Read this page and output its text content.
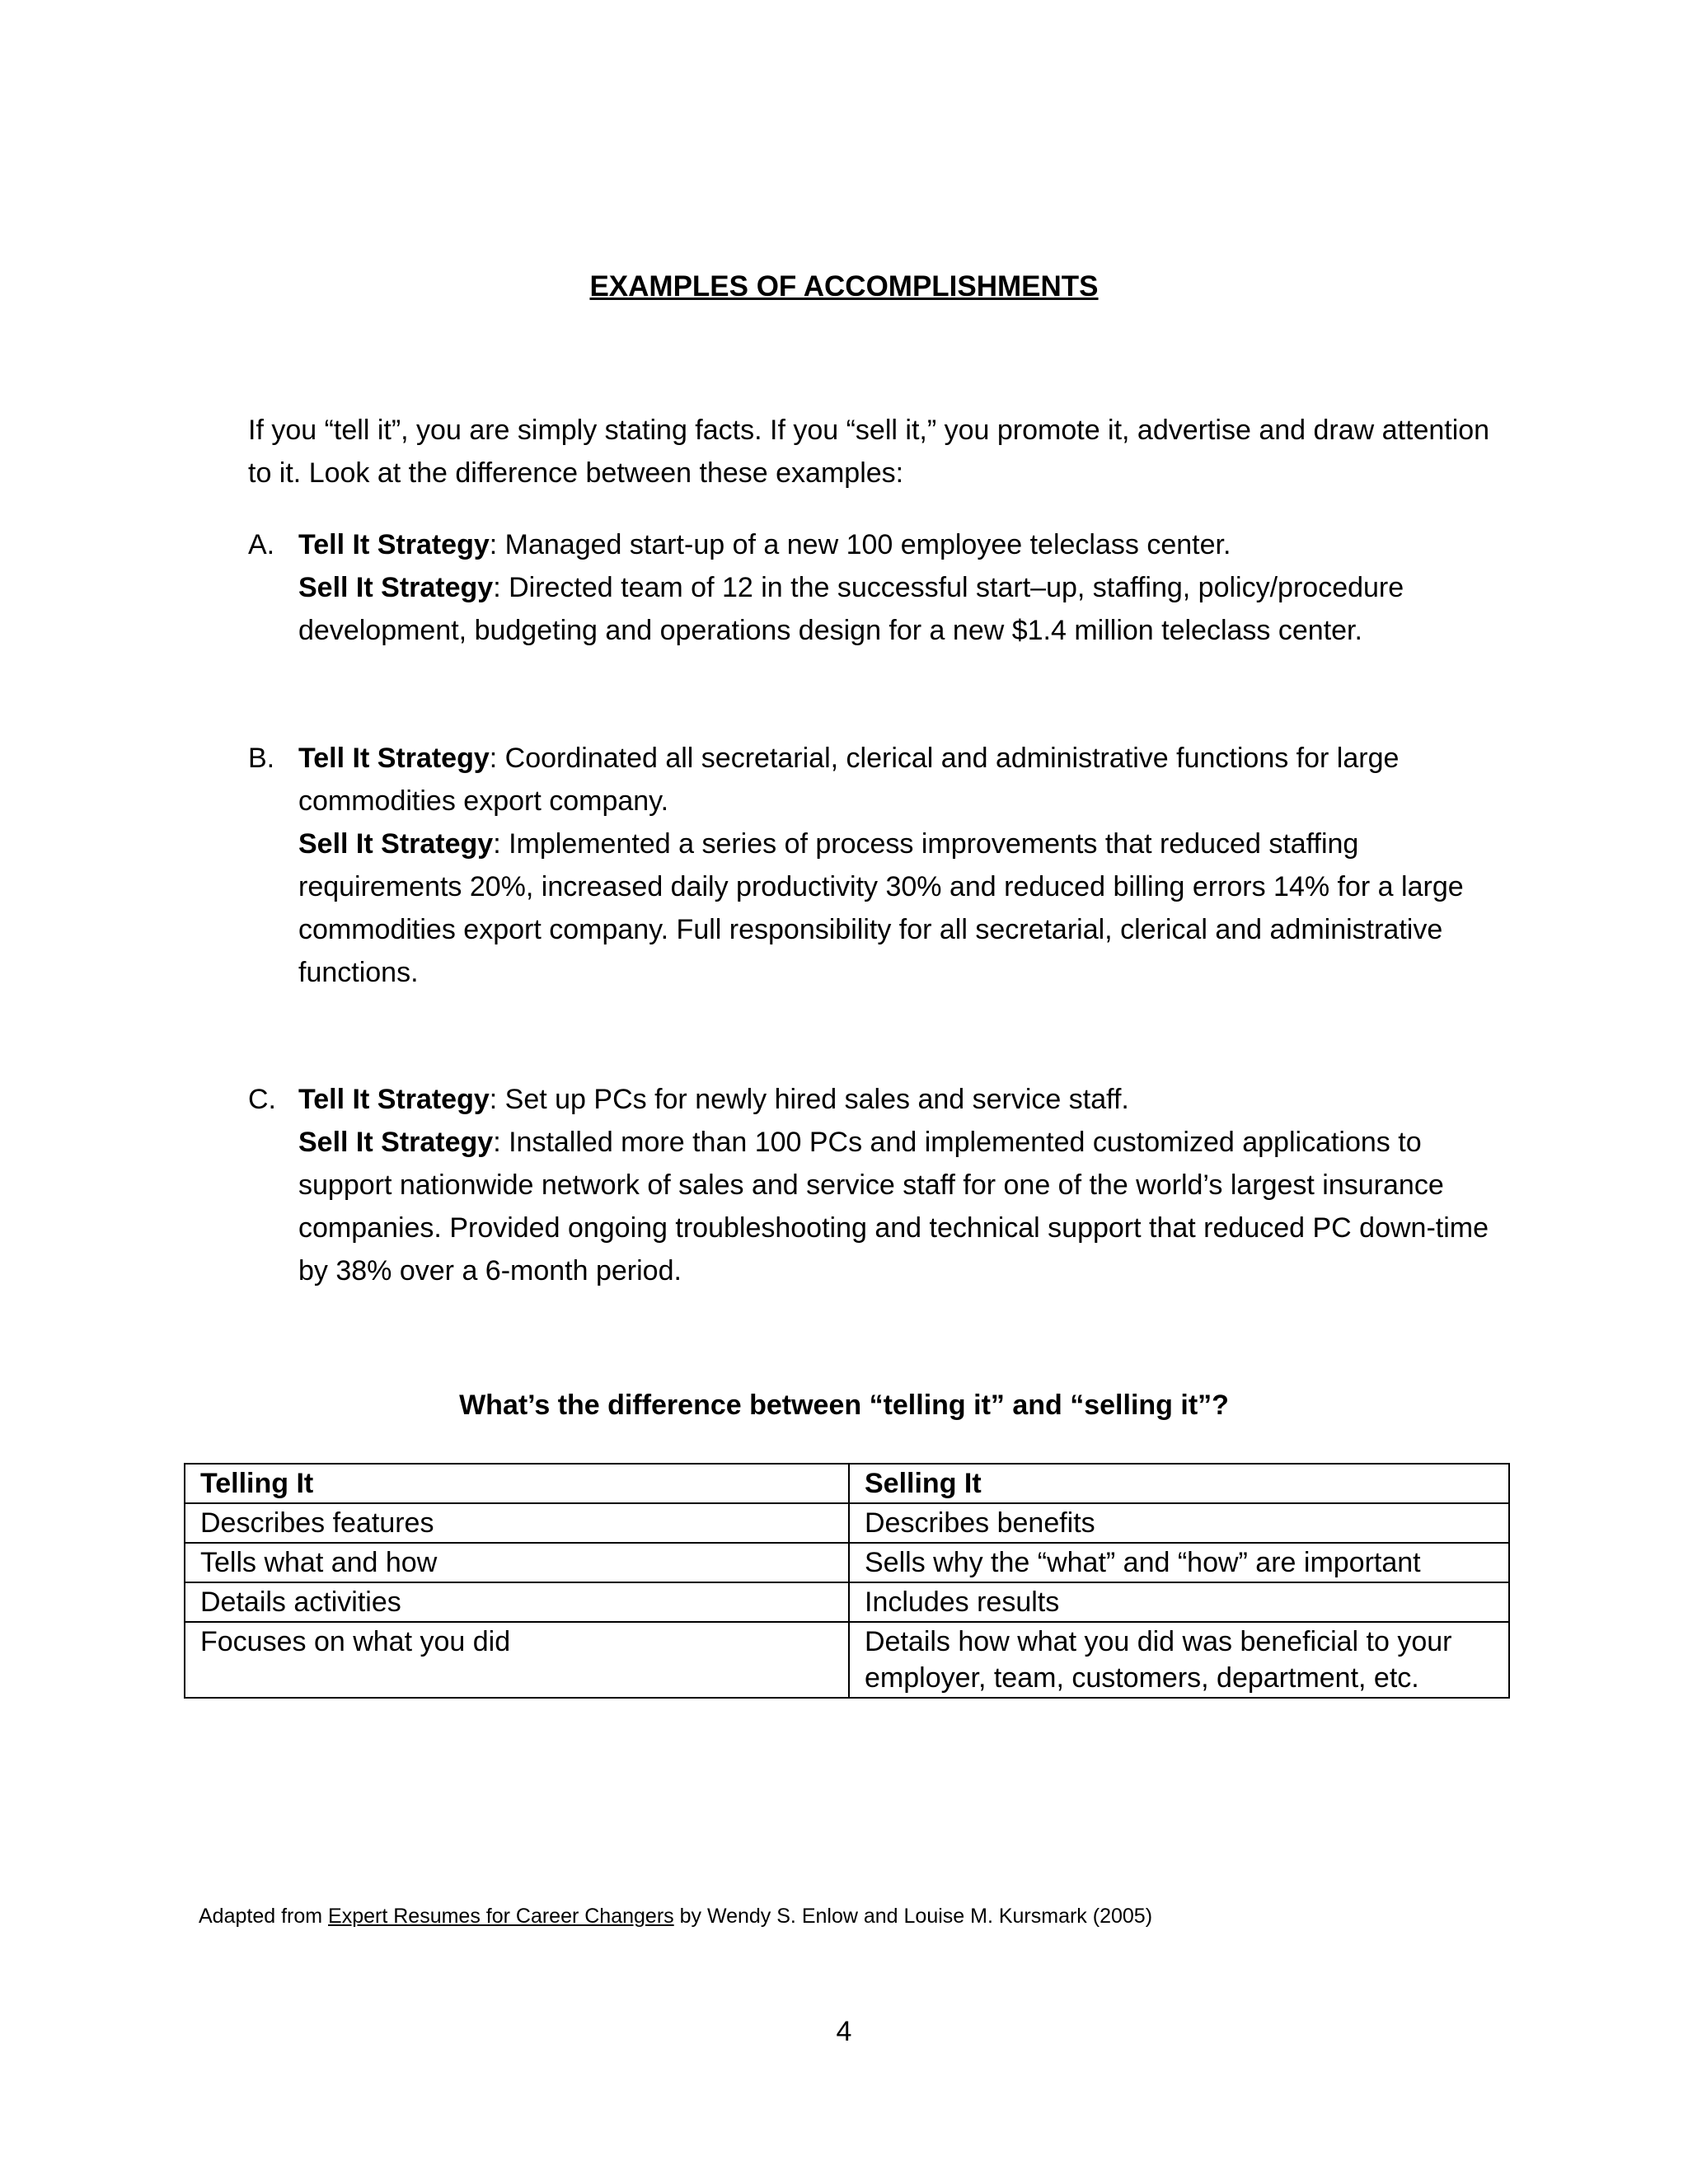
EXAMPLES OF ACCOMPLISHMENTS

If you “tell it”, you are simply stating facts. If you “sell it,” you promote it, advertise and draw attention to it. Look at the difference between these examples:

A. Tell It Strategy: Managed start-up of a new 100 employee teleclass center.

Sell It Strategy: Directed team of 12 in the successful start–up, staffing, policy/procedure development, budgeting and operations design for a new $1.4 million teleclass center.

B. Tell It Strategy: Coordinated all secretarial, clerical and administrative functions for large commodities export company.

Sell It Strategy: Implemented a series of process improvements that reduced staffing requirements 20%, increased daily productivity 30% and reduced billing errors 14% for a large commodities export company. Full responsibility for all secretarial, clerical and administrative functions.

C. Tell It Strategy: Set up PCs for newly hired sales and service staff.

Sell It Strategy: Installed more than 100 PCs and implemented customized applications to support nationwide network of sales and service staff for one of the world’s largest insurance companies. Provided ongoing troubleshooting and technical support that reduced PC down-time by 38% over a 6-month period.

What’s the difference between “telling it” and “selling it”?
Telling It	Selling It
Describes features	Describes benefits
Tells what and how	Sells why the “what” and “how” are important
Details activities	Includes results
Focuses on what you did	Details how what you did was beneficial to your employer, team, customers, department, etc.
Adapted from Expert Resumes for Career Changers by Wendy S. Enlow and Louise M. Kursmark (2005)
4
